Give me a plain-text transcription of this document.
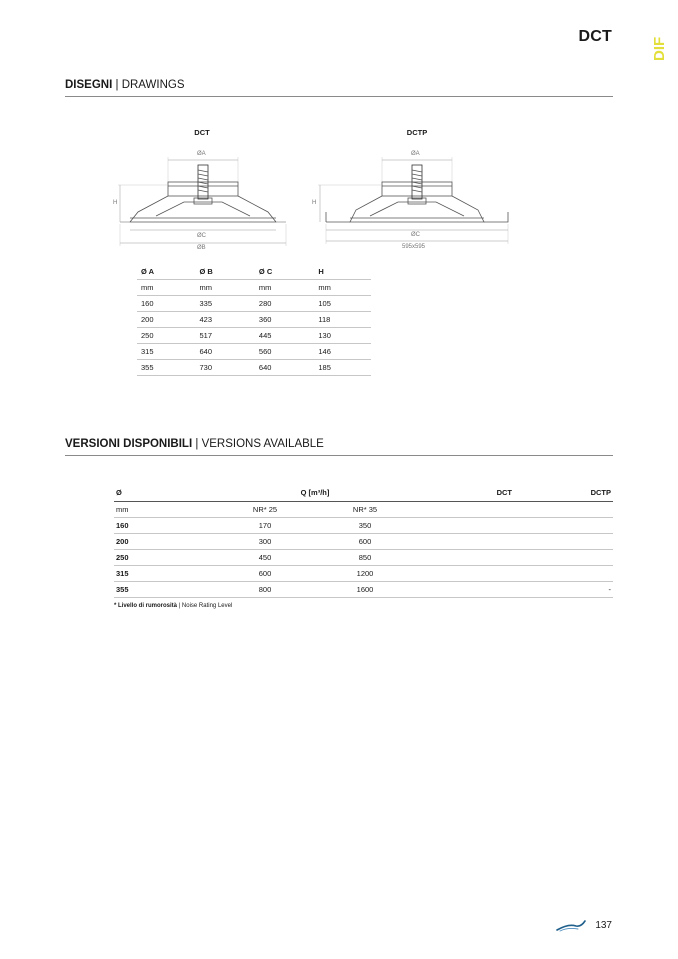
DCT
DIF
DISEGNI | DRAWINGS
DCT	DCTP
ØA
H
ØC
ØB
ØA
H
ØC
595x595
Ø A	Ø B	Ø C	H
mm	mm	mm	mm
160	335	280	105
200	423	360	118
250	517	445	130
315	640	560	146
355	730	640	185
VERSIONI DISPONIBILI | VERSIONS AVAILABLE
Ø	Q [m³/h]		DCT	DCTP
mm	NR* 25	NR* 35		
160	170	350		
200	300	600		
250	450	850		
315	600	1200		
355	800	1600		-
* Livello di rumorosità | Noise Rating Level
137
